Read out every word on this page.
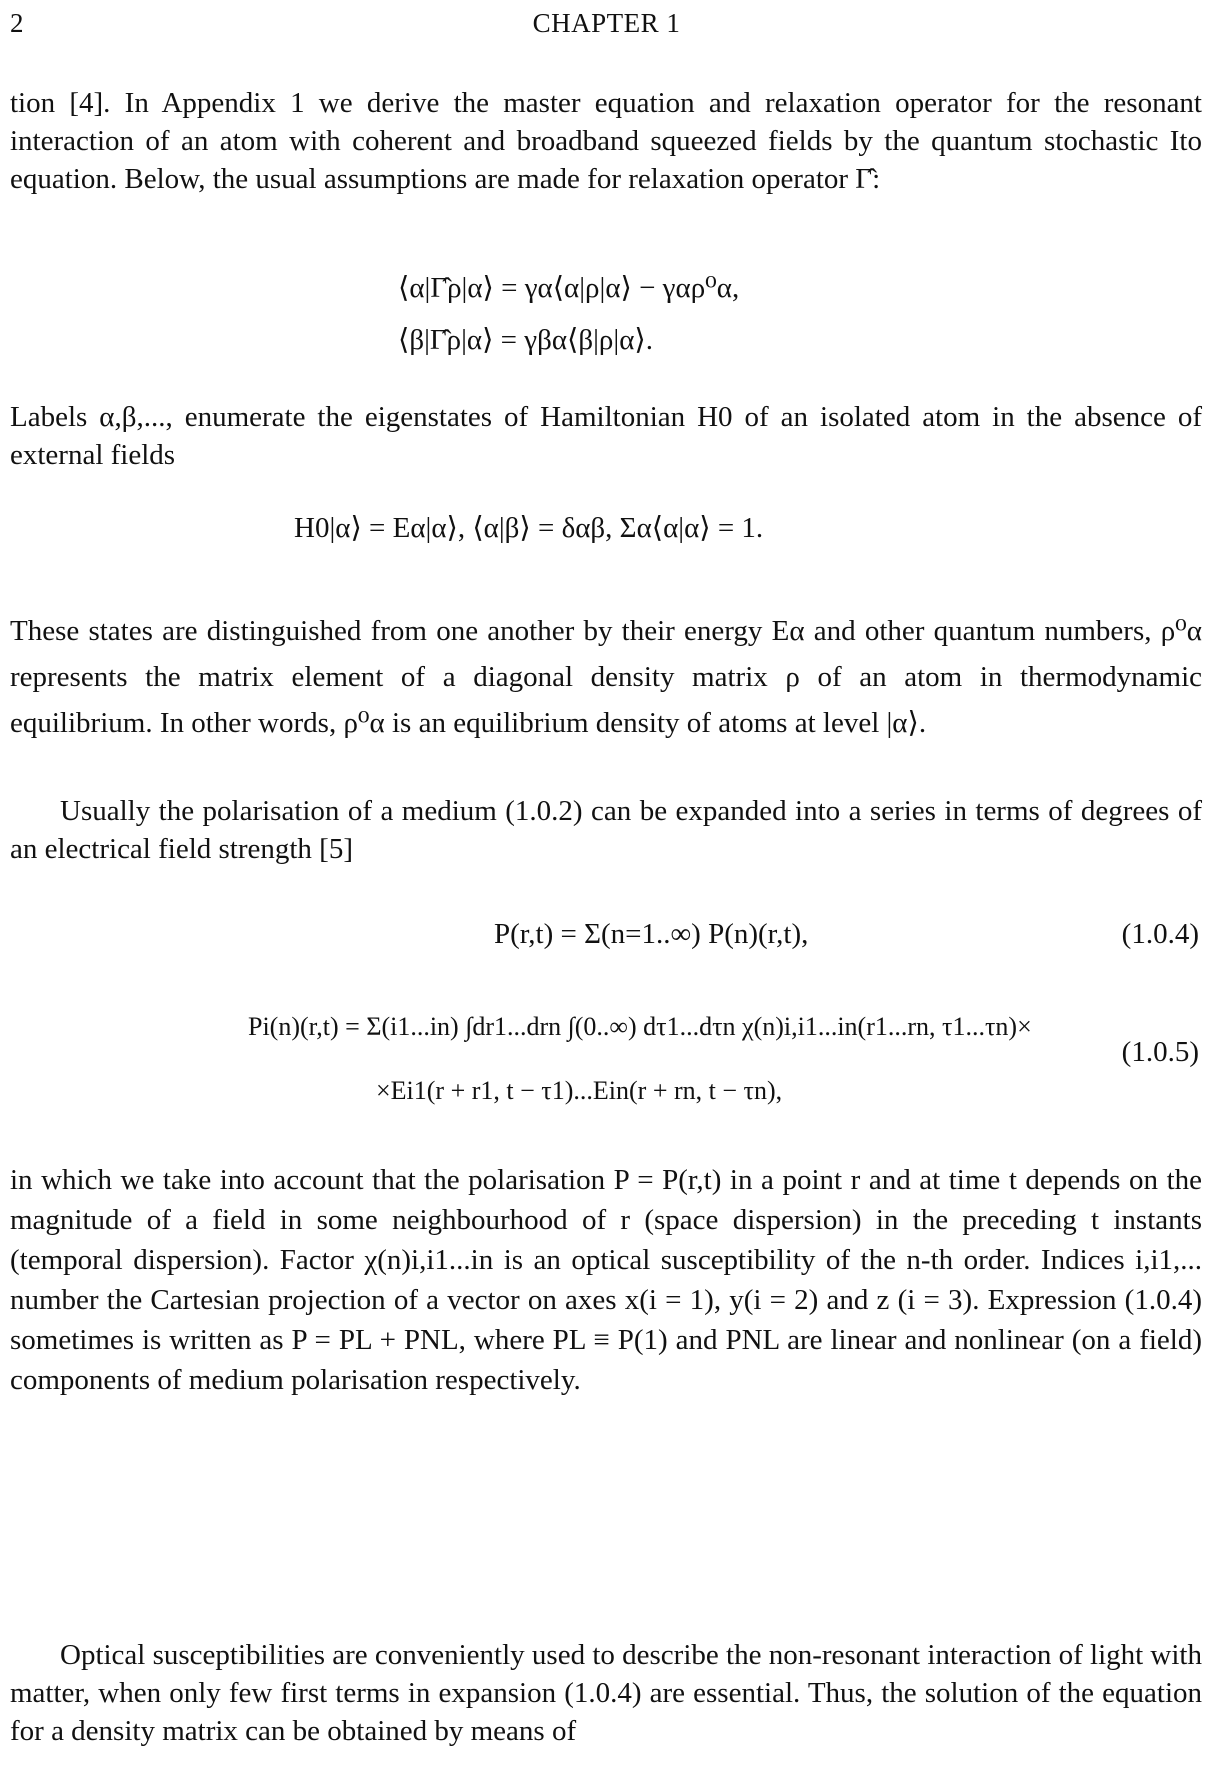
2	CHAPTER 1

tion [4]. In Appendix 1 we derive the master equation and relaxation operator for the resonant interaction of an atom with coherent and broadband squeezed fields by the quantum stochastic Ito equation. Below, the usual assumptions are made for relaxation operator Γ̂:

⟨α|Γ̂ρ|α⟩ = γα⟨α|ρ|α⟩ − γαρ⁰α,
⟨β|Γ̂ρ|α⟩ = γβα⟨β|ρ|α⟩.

Labels α,β,..., enumerate the eigenstates of Hamiltonian H0 of an isolated atom in the absence of external fields

H0|α⟩ = Eα|α⟩, ⟨α|β⟩ = δαβ, Σα⟨α|α⟩ = 1.

These states are distinguished from one another by their energy Eα and other quantum numbers, ρ⁰α represents the matrix element of a diagonal density matrix ρ of an atom in thermodynamic equilibrium. In other words, ρ⁰α is an equilibrium density of atoms at level |α⟩.

Usually the polarisation of a medium (1.0.2) can be expanded into a series in terms of degrees of an electrical field strength [5]

P(r,t) = Σ(n=1..∞) P(n)(r,t),	(1.0.4)
Pi(n)(r,t) = Σ(i1...in) ∫dr1...drn ∫(0..∞) dτ1...dτn χ(n)i,i1...in(r1...rn, τ1...τn)×
×Ei1(r + r1, t − τ1)...Ein(r + rn, t − τn),
(1.0.5)

in which we take into account that the polarisation P = P(r,t) in a point r and at time t depends on the magnitude of a field in some neighbourhood of r (space dispersion) in the preceding t instants (temporal dispersion). Factor χ(n)i,i1...in is an optical susceptibility of the n-th order. Indices i,i1,... number the Cartesian projection of a vector on axes x(i = 1), y(i = 2) and z (i = 3). Expression (1.0.4) sometimes is written as P = PL + PNL, where PL ≡ P(1) and PNL are linear and nonlinear (on a field) components of medium polarisation respectively.

Optical susceptibilities are conveniently used to describe the non-resonant interaction of light with matter, when only few first terms in expansion (1.0.4) are essential. Thus, the solution of the equation for a density matrix can be obtained by means of
